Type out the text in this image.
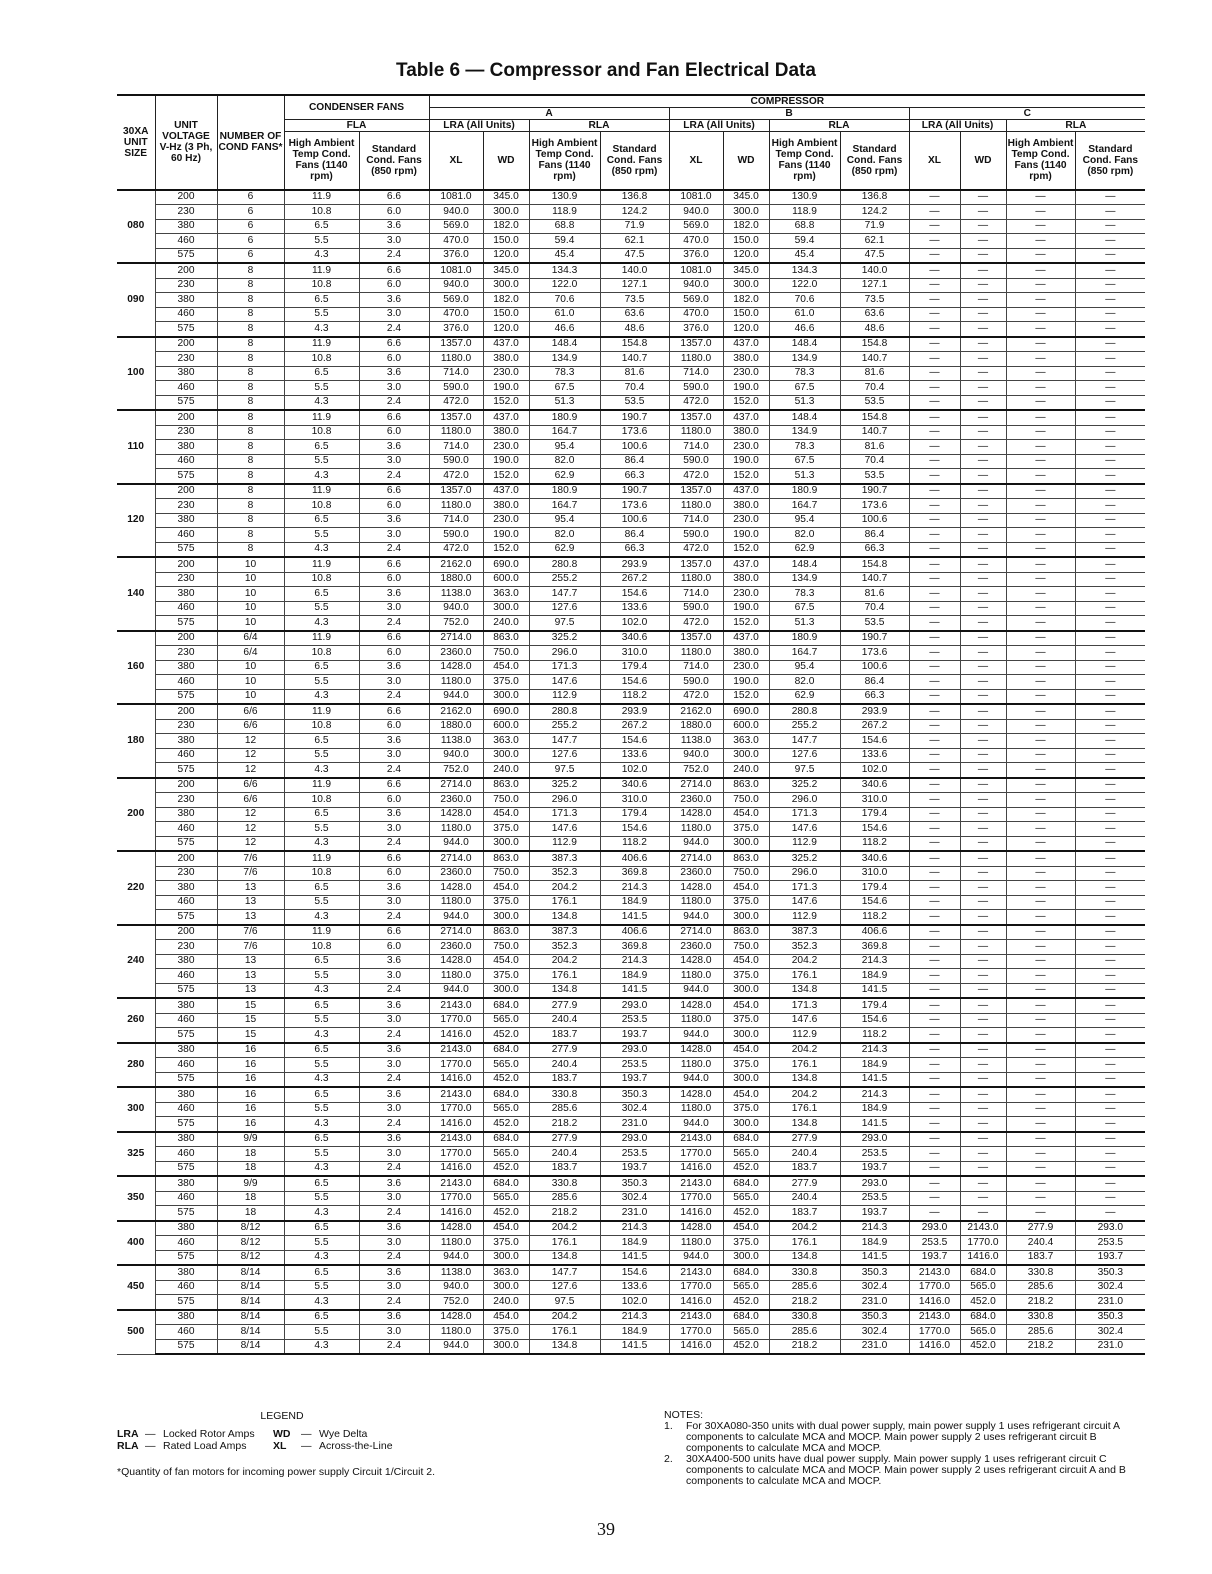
Table 6 — Compressor and Fan Electrical Data
30XA UNIT SIZE	UNIT VOLTAGE V-Hz (3 Ph, 60 Hz)	NUMBER OF COND FANS*	CONDENSER FANS		COMPRESSOR											
					A				B				C			
			FLA		LRA (All Units)		RLA		LRA (All Units)		RLA		LRA (All Units)		RLA	
			High Ambient Temp Cond. Fans (1140 rpm)	Standard Cond. Fans (850 rpm)	XL	WD	High Ambient Temp Cond. Fans (1140 rpm)	Standard Cond. Fans (850 rpm)	XL	WD	High Ambient Temp Cond. Fans (1140 rpm)	Standard Cond. Fans (850 rpm)	XL	WD	High Ambient Temp Cond. Fans (1140 rpm)	Standard Cond. Fans (850 rpm)
080	200	6	11.9	6.6	1081.0	345.0	130.9	136.8	1081.0	345.0	130.9	136.8	—	—	—	—
	230	6	10.8	6.0	940.0	300.0	118.9	124.2	940.0	300.0	118.9	124.2	—	—	—	—
	380	6	6.5	3.6	569.0	182.0	68.8	71.9	569.0	182.0	68.8	71.9	—	—	—	—
	460	6	5.5	3.0	470.0	150.0	59.4	62.1	470.0	150.0	59.4	62.1	—	—	—	—
	575	6	4.3	2.4	376.0	120.0	45.4	47.5	376.0	120.0	45.4	47.5	—	—	—	—
090	200	8	11.9	6.6	1081.0	345.0	134.3	140.0	1081.0	345.0	134.3	140.0	—	—	—	—
	230	8	10.8	6.0	940.0	300.0	122.0	127.1	940.0	300.0	122.0	127.1	—	—	—	—
	380	8	6.5	3.6	569.0	182.0	70.6	73.5	569.0	182.0	70.6	73.5	—	—	—	—
	460	8	5.5	3.0	470.0	150.0	61.0	63.6	470.0	150.0	61.0	63.6	—	—	—	—
	575	8	4.3	2.4	376.0	120.0	46.6	48.6	376.0	120.0	46.6	48.6	—	—	—	—
100	200	8	11.9	6.6	1357.0	437.0	148.4	154.8	1357.0	437.0	148.4	154.8	—	—	—	—
	230	8	10.8	6.0	1180.0	380.0	134.9	140.7	1180.0	380.0	134.9	140.7	—	—	—	—
	380	8	6.5	3.6	714.0	230.0	78.3	81.6	714.0	230.0	78.3	81.6	—	—	—	—
	460	8	5.5	3.0	590.0	190.0	67.5	70.4	590.0	190.0	67.5	70.4	—	—	—	—
	575	8	4.3	2.4	472.0	152.0	51.3	53.5	472.0	152.0	51.3	53.5	—	—	—	—
110	200	8	11.9	6.6	1357.0	437.0	180.9	190.7	1357.0	437.0	148.4	154.8	—	—	—	—
	230	8	10.8	6.0	1180.0	380.0	164.7	173.6	1180.0	380.0	134.9	140.7	—	—	—	—
	380	8	6.5	3.6	714.0	230.0	95.4	100.6	714.0	230.0	78.3	81.6	—	—	—	—
	460	8	5.5	3.0	590.0	190.0	82.0	86.4	590.0	190.0	67.5	70.4	—	—	—	—
	575	8	4.3	2.4	472.0	152.0	62.9	66.3	472.0	152.0	51.3	53.5	—	—	—	—
120	200	8	11.9	6.6	1357.0	437.0	180.9	190.7	1357.0	437.0	180.9	190.7	—	—	—	—
	230	8	10.8	6.0	1180.0	380.0	164.7	173.6	1180.0	380.0	164.7	173.6	—	—	—	—
	380	8	6.5	3.6	714.0	230.0	95.4	100.6	714.0	230.0	95.4	100.6	—	—	—	—
	460	8	5.5	3.0	590.0	190.0	82.0	86.4	590.0	190.0	82.0	86.4	—	—	—	—
	575	8	4.3	2.4	472.0	152.0	62.9	66.3	472.0	152.0	62.9	66.3	—	—	—	—
140	200	10	11.9	6.6	2162.0	690.0	280.8	293.9	1357.0	437.0	148.4	154.8	—	—	—	—
	230	10	10.8	6.0	1880.0	600.0	255.2	267.2	1180.0	380.0	134.9	140.7	—	—	—	—
	380	10	6.5	3.6	1138.0	363.0	147.7	154.6	714.0	230.0	78.3	81.6	—	—	—	—
	460	10	5.5	3.0	940.0	300.0	127.6	133.6	590.0	190.0	67.5	70.4	—	—	—	—
	575	10	4.3	2.4	752.0	240.0	97.5	102.0	472.0	152.0	51.3	53.5	—	—	—	—
160	200	6/4	11.9	6.6	2714.0	863.0	325.2	340.6	1357.0	437.0	180.9	190.7	—	—	—	—
	230	6/4	10.8	6.0	2360.0	750.0	296.0	310.0	1180.0	380.0	164.7	173.6	—	—	—	—
	380	10	6.5	3.6	1428.0	454.0	171.3	179.4	714.0	230.0	95.4	100.6	—	—	—	—
	460	10	5.5	3.0	1180.0	375.0	147.6	154.6	590.0	190.0	82.0	86.4	—	—	—	—
	575	10	4.3	2.4	944.0	300.0	112.9	118.2	472.0	152.0	62.9	66.3	—	—	—	—
180	200	6/6	11.9	6.6	2162.0	690.0	280.8	293.9	2162.0	690.0	280.8	293.9	—	—	—	—
	230	6/6	10.8	6.0	1880.0	600.0	255.2	267.2	1880.0	600.0	255.2	267.2	—	—	—	—
	380	12	6.5	3.6	1138.0	363.0	147.7	154.6	1138.0	363.0	147.7	154.6	—	—	—	—
	460	12	5.5	3.0	940.0	300.0	127.6	133.6	940.0	300.0	127.6	133.6	—	—	—	—
	575	12	4.3	2.4	752.0	240.0	97.5	102.0	752.0	240.0	97.5	102.0	—	—	—	—
200	200	6/6	11.9	6.6	2714.0	863.0	325.2	340.6	2714.0	863.0	325.2	340.6	—	—	—	—
	230	6/6	10.8	6.0	2360.0	750.0	296.0	310.0	2360.0	750.0	296.0	310.0	—	—	—	—
	380	12	6.5	3.6	1428.0	454.0	171.3	179.4	1428.0	454.0	171.3	179.4	—	—	—	—
	460	12	5.5	3.0	1180.0	375.0	147.6	154.6	1180.0	375.0	147.6	154.6	—	—	—	—
	575	12	4.3	2.4	944.0	300.0	112.9	118.2	944.0	300.0	112.9	118.2	—	—	—	—
220	200	7/6	11.9	6.6	2714.0	863.0	387.3	406.6	2714.0	863.0	325.2	340.6	—	—	—	—
	230	7/6	10.8	6.0	2360.0	750.0	352.3	369.8	2360.0	750.0	296.0	310.0	—	—	—	—
	380	13	6.5	3.6	1428.0	454.0	204.2	214.3	1428.0	454.0	171.3	179.4	—	—	—	—
	460	13	5.5	3.0	1180.0	375.0	176.1	184.9	1180.0	375.0	147.6	154.6	—	—	—	—
	575	13	4.3	2.4	944.0	300.0	134.8	141.5	944.0	300.0	112.9	118.2	—	—	—	—
240	200	7/6	11.9	6.6	2714.0	863.0	387.3	406.6	2714.0	863.0	387.3	406.6	—	—	—	—
	230	7/6	10.8	6.0	2360.0	750.0	352.3	369.8	2360.0	750.0	352.3	369.8	—	—	—	—
	380	13	6.5	3.6	1428.0	454.0	204.2	214.3	1428.0	454.0	204.2	214.3	—	—	—	—
	460	13	5.5	3.0	1180.0	375.0	176.1	184.9	1180.0	375.0	176.1	184.9	—	—	—	—
	575	13	4.3	2.4	944.0	300.0	134.8	141.5	944.0	300.0	134.8	141.5	—	—	—	—
260	380	15	6.5	3.6	2143.0	684.0	277.9	293.0	1428.0	454.0	171.3	179.4	—	—	—	—
	460	15	5.5	3.0	1770.0	565.0	240.4	253.5	1180.0	375.0	147.6	154.6	—	—	—	—
	575	15	4.3	2.4	1416.0	452.0	183.7	193.7	944.0	300.0	112.9	118.2	—	—	—	—
280	380	16	6.5	3.6	2143.0	684.0	277.9	293.0	1428.0	454.0	204.2	214.3	—	—	—	—
	460	16	5.5	3.0	1770.0	565.0	240.4	253.5	1180.0	375.0	176.1	184.9	—	—	—	—
	575	16	4.3	2.4	1416.0	452.0	183.7	193.7	944.0	300.0	134.8	141.5	—	—	—	—
300	380	16	6.5	3.6	2143.0	684.0	330.8	350.3	1428.0	454.0	204.2	214.3	—	—	—	—
	460	16	5.5	3.0	1770.0	565.0	285.6	302.4	1180.0	375.0	176.1	184.9	—	—	—	—
	575	16	4.3	2.4	1416.0	452.0	218.2	231.0	944.0	300.0	134.8	141.5	—	—	—	—
325	380	9/9	6.5	3.6	2143.0	684.0	277.9	293.0	2143.0	684.0	277.9	293.0	—	—	—	—
	460	18	5.5	3.0	1770.0	565.0	240.4	253.5	1770.0	565.0	240.4	253.5	—	—	—	—
	575	18	4.3	2.4	1416.0	452.0	183.7	193.7	1416.0	452.0	183.7	193.7	—	—	—	—
350	380	9/9	6.5	3.6	2143.0	684.0	330.8	350.3	2143.0	684.0	277.9	293.0	—	—	—	—
	460	18	5.5	3.0	1770.0	565.0	285.6	302.4	1770.0	565.0	240.4	253.5	—	—	—	—
	575	18	4.3	2.4	1416.0	452.0	218.2	231.0	1416.0	452.0	183.7	193.7	—	—	—	—
400	380	8/12	6.5	3.6	1428.0	454.0	204.2	214.3	1428.0	454.0	204.2	214.3	293.0	2143.0	277.9	293.0
	460	8/12	5.5	3.0	1180.0	375.0	176.1	184.9	1180.0	375.0	176.1	184.9	253.5	1770.0	240.4	253.5
	575	8/12	4.3	2.4	944.0	300.0	134.8	141.5	944.0	300.0	134.8	141.5	193.7	1416.0	183.7	193.7
450	380	8/14	6.5	3.6	1138.0	363.0	147.7	154.6	2143.0	684.0	330.8	350.3	2143.0	684.0	330.8	350.3
	460	8/14	5.5	3.0	940.0	300.0	127.6	133.6	1770.0	565.0	285.6	302.4	1770.0	565.0	285.6	302.4
	575	8/14	4.3	2.4	752.0	240.0	97.5	102.0	1416.0	452.0	218.2	231.0	1416.0	452.0	218.2	231.0
500	380	8/14	6.5	3.6	1428.0	454.0	204.2	214.3	2143.0	684.0	330.8	350.3	2143.0	684.0	330.8	350.3
	460	8/14	5.5	3.0	1180.0	375.0	176.1	184.9	1770.0	565.0	285.6	302.4	1770.0	565.0	285.6	302.4
	575	8/14	4.3	2.4	944.0	300.0	134.8	141.5	1416.0	452.0	218.2	231.0	1416.0	452.0	218.2	231.0
LEGEND
LRA — Locked Rotor Amps	WD	— Wye Delta
RLA — Rated Load Amps	XL	— Across-the-Line
*Quantity of fan motors for incoming power supply Circuit 1/Circuit 2.
NOTES:
1.	For 30XA080-350 units with dual power supply, main power supply 1 uses refrigerant circuit A components to calculate MCA and MOCP. Main power supply 2 uses refrigerant circuit B components to calculate MCA and MOCP.
2.	30XA400-500 units have dual power supply. Main power supply 1 uses refrigerant circuit C components to calculate MCA and MOCP. Main power supply 2 uses refrigerant circuit A and B components to calculate MCA and MOCP.
39
